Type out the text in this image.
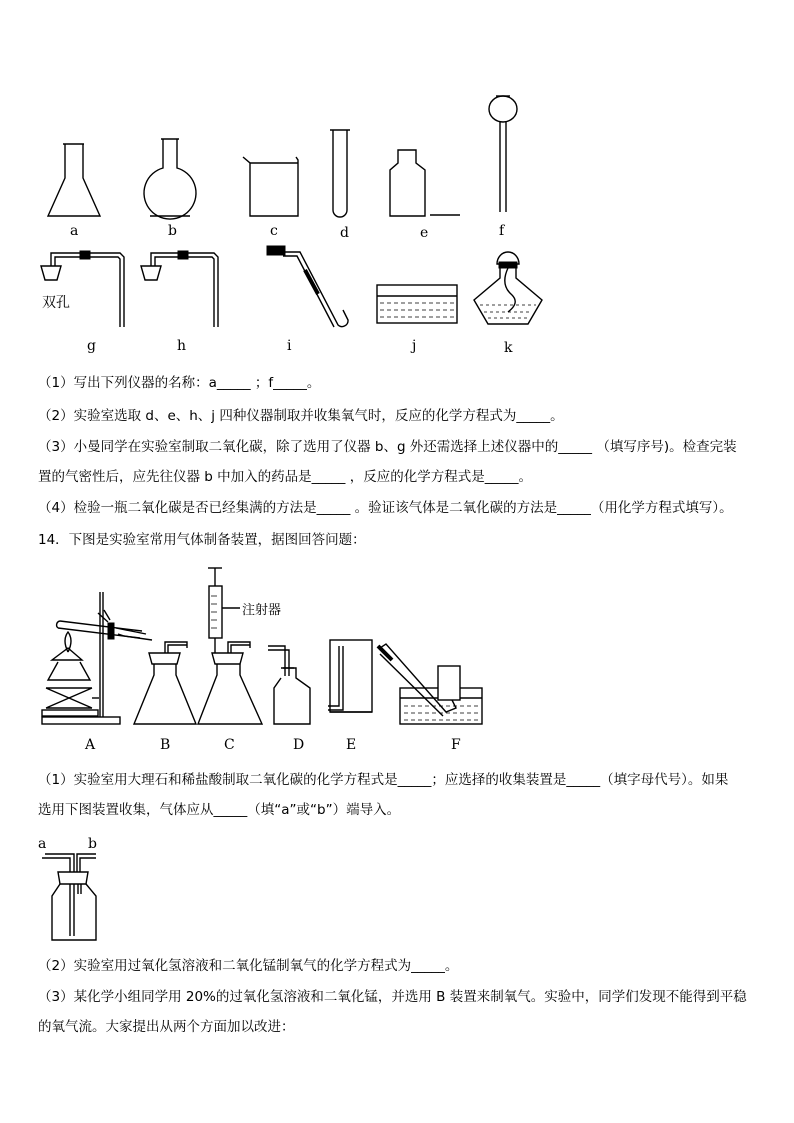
a	b	c	d	e	f
双孔
g	h	i	j	k
（1）写出下列仪器的名称：a_____ ；f_____。
（2）实验室选取 d、e、h、j 四种仪器制取并收集氧气时，反应的化学方程式为_____。
（3）小曼同学在实验室制取二氧化碳，除了选用了仪器 b、g 外还需选择上述仪器中的_____ （填写序号)。检查完装
置的气密性后，应先往仪器 b 中加入的药品是_____ ，反应的化学方程式是_____。
（4）检验一瓶二氧化碳是否已经集满的方法是_____ 。验证该气体是二氧化碳的方法是_____（用化学方程式填写）。
14．下图是实验室常用气体制备装置，据图回答问题：
注射器
A	B	C	D	E	F
（1）实验室用大理石和稀盐酸制取二氧化碳的化学方程式是_____；应选择的收集装置是_____（填字母代号）。如果
选用下图装置收集，气体应从_____（填“a”或“b”）端导入。
a	b
（2）实验室用过氧化氢溶液和二氧化锰制氧气的化学方程式为_____。
（3）某化学小组同学用 20%的过氧化氢溶液和二氧化锰，并选用 B 装置来制氧气。实验中，同学们发现不能得到平稳
的氧气流。大家提出从两个方面加以改进：
